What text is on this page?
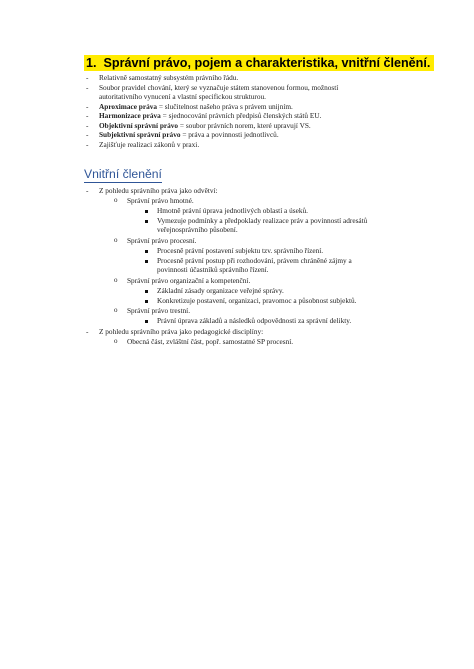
1. Správní právo, pojem a charakteristika, vnitřní členění.
- Relativně samostatný subsystém právního řádu.
- Soubor pravidel chování, který se vyznačuje státem stanovenou formou, možností
autoritativního vynucení a vlastní specifickou strukturou.
- Aproximace práva = slučitelnost našeho práva s právem unijním.
- Harmonizace práva = sjednocování právních předpisů členských států EU.
- Objektivní správní právo = soubor právních norem, které upravují VS.
- Subjektivní správní právo = práva a povinnosti jednotlivců.
- Zajišťuje realizaci zákonů v praxi.
Vnitřní členění
- Z pohledu správního práva jako odvětví:
o Správní právo hmotné.
Hmotně právní úprava jednotlivých oblastí a úseků.
Vymezuje podmínky a předpoklady realizace práv a povinností adresátů
veřejnosprávního působení.
o Správní právo procesní.
Procesně právní postavení subjektu tzv. správního řízení.
Procesně právní postup při rozhodování, právem chráněné zájmy a
povinnosti účastníků správního řízení.
o Správní právo organizační a kompetenční.
Základní zásady organizace veřejné správy.
Konkretizuje postavení, organizaci, pravomoc a působnost subjektů.
o Správní právo trestní.
Právní úprava základů a následků odpovědnosti za správní delikty.
- Z pohledu správního práva jako pedagogické disciplíny:
o Obecná část, zvláštní část, popř. samostatné SP procesní.
